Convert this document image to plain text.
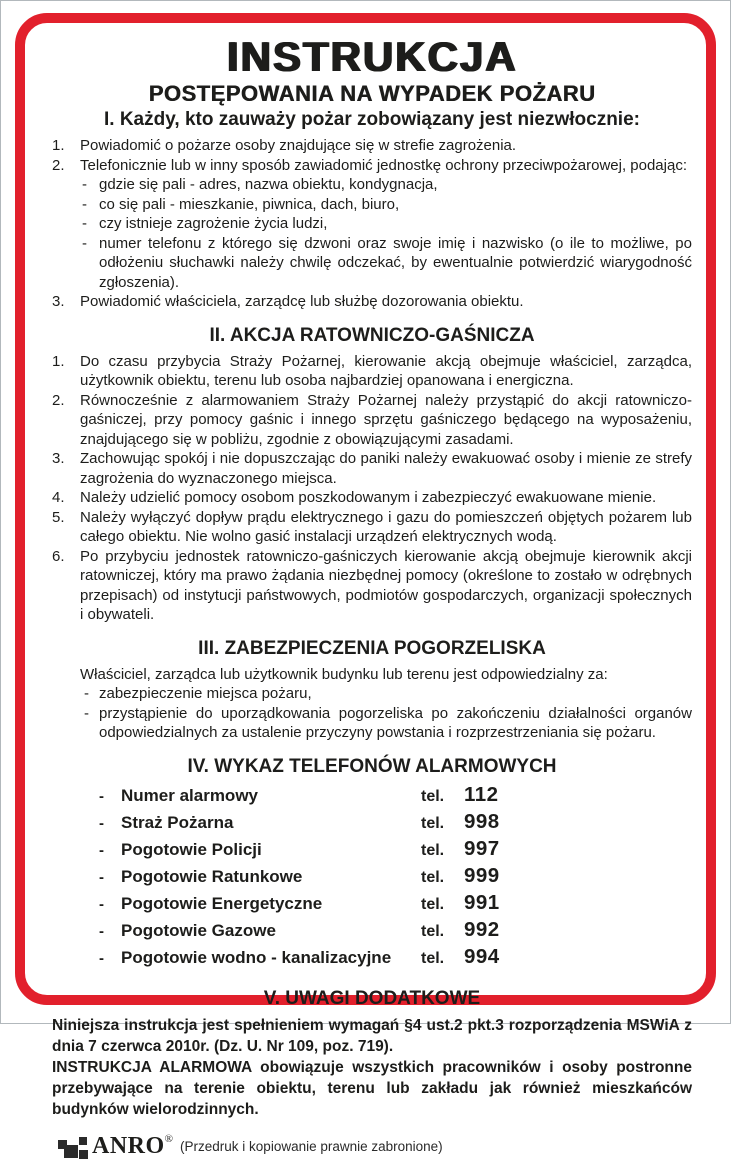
INSTRUKCJA
POSTĘPOWANIA NA WYPADEK POŻARU
I. Każdy, kto zauważy pożar zobowiązany jest niezwłocznie:
1.	Powiadomić o pożarze osoby znajdujące się w strefie zagrożenia.
2.	Telefonicznie lub w inny sposób zawiadomić jednostkę ochrony przeciwpożarowej, podając:
- gdzie się pali - adres, nazwa obiektu, kondygnacja,
- co się pali - mieszkanie, piwnica, dach, biuro,
- czy istnieje zagrożenie życia ludzi,
- numer telefonu z którego się dzwoni oraz swoje imię i nazwisko (o ile to możliwe, po odłożeniu słuchawki należy chwilę odczekać, by ewentualnie potwierdzić wiarygodność zgłoszenia).
3.	Powiadomić właściciela, zarządcę lub służbę dozorowania obiektu.
II. AKCJA RATOWNICZO-GAŚNICZA
1.	Do czasu przybycia Straży Pożarnej, kierowanie akcją obejmuje właściciel, zarządca, użytkownik obiektu, terenu lub osoba najbardziej opanowana i energiczna.
2.	Równocześnie z alarmowaniem Straży Pożarnej należy przystąpić do akcji ratowniczo-gaśniczej, przy pomocy gaśnic i innego sprzętu gaśniczego będącego na wyposażeniu, znajdującego się w pobliżu, zgodnie z obowiązującymi zasadami.
3.	Zachowując spokój i nie dopuszczając do paniki należy ewakuować osoby i mienie ze strefy zagrożenia do wyznaczonego miejsca.
4.	Należy udzielić pomocy osobom poszkodowanym i zabezpieczyć ewakuowane mienie.
5.	Należy wyłączyć dopływ prądu elektrycznego i gazu do pomieszczeń objętych pożarem lub całego obiektu. Nie wolno gasić instalacji urządzeń elektrycznych wodą.
6.	Po przybyciu jednostek ratowniczo-gaśniczych kierowanie akcją obejmuje kierownik akcji ratowniczej, który ma prawo żądania niezbędnej pomocy (określone to zostało w odrębnych przepisach) od instytucji państwowych, podmiotów gospodarczych, organizacji społecznych i obywateli.
III. ZABEZPIECZENIA POGORZELISKA
Właściciel, zarządca lub użytkownik budynku lub terenu jest odpowiedzialny za:
- zabezpieczenie miejsca pożaru,
- przystąpienie do uporządkowania pogorzeliska po zakończeniu działalności organów odpowiedzialnych za ustalenie przyczyny powstania i rozprzestrzeniania się pożaru.
IV. WYKAZ TELEFONÓW ALARMOWYCH
-	Numer alarmowy	tel. 112
-	Straż Pożarna	tel. 998
-	Pogotowie Policji	tel. 997
-	Pogotowie Ratunkowe	tel. 999
-	Pogotowie Energetyczne	tel. 991
-	Pogotowie Gazowe	tel. 992
-	Pogotowie wodno - kanalizacyjne	tel. 994
V. UWAGI DODATKOWE

Niniejsza instrukcja jest spełnieniem wymagań §4 ust.2 pkt.3 rozporządzenia MSWiA z dnia 7 czerwca 2010r. (Dz. U. Nr 109, poz. 719).

INSTRUKCJA ALARMOWA obowiązuje wszystkich pracowników i osoby postronne przebywające na terenie obiektu, terenu lub zakładu jak również mieszkańców budynków wielorodzinnych.

ANRO ®
(Przedruk i kopiowanie prawnie zabronione)
